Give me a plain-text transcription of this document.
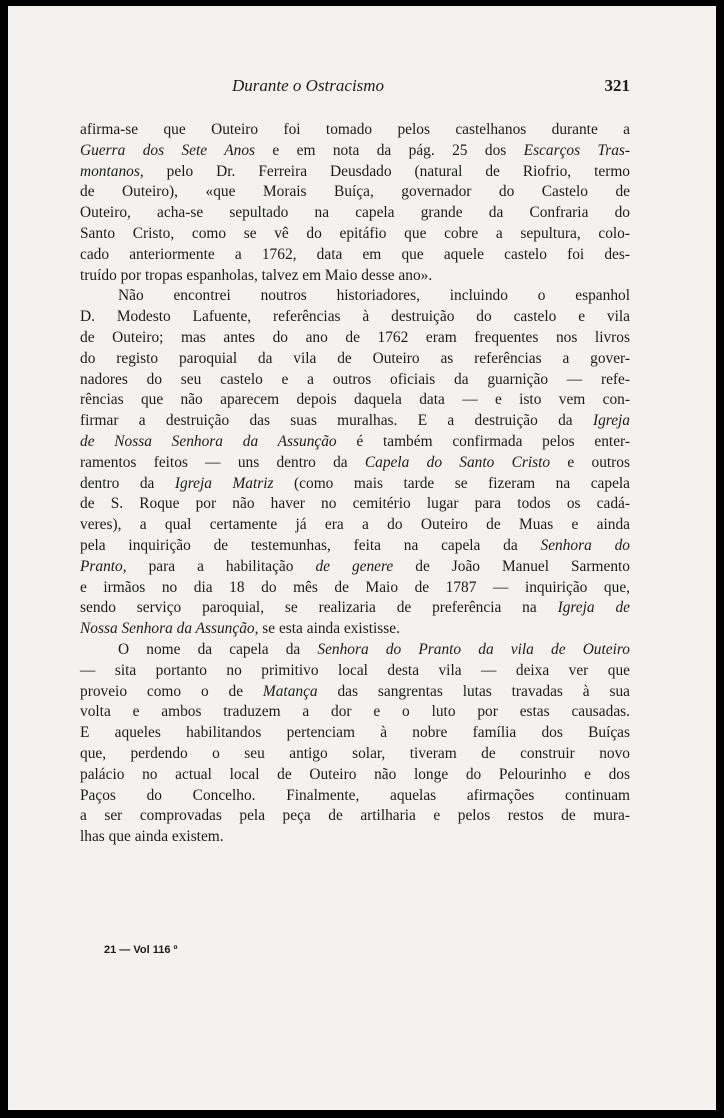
Durante o Ostracismo	321

afirma-se que Outeiro foi tomado pelos castelhanos durante a
Guerra dos Sete Anos e em nota da pág. 25 dos Escarços Tras-
montanos, pelo Dr. Ferreira Deusdado (natural de Riofrio, termo
de Outeiro), «que Morais Buíça, governador do Castelo de
Outeiro, acha-se sepultado na capela grande da Confraria do
Santo Cristo, como se vê do epitáfio que cobre a sepultura, colo-
cado anteriormente a 1762, data em que aquele castelo foi des-
truído por tropas espanholas, talvez em Maio desse ano».

Não encontrei noutros historiadores, incluindo o espanhol
D. Modesto Lafuente, referências à destruição do castelo e vila
de Outeiro; mas antes do ano de 1762 eram frequentes nos livros
do registo paroquial da vila de Outeiro as referências a gover-
nadores do seu castelo e a outros oficiais da guarnição — refe-
rências que não aparecem depois daquela data — e isto vem con-
firmar a destruição das suas muralhas. E a destruição da Igreja
de Nossa Senhora da Assunção é também confirmada pelos enter-
ramentos feitos — uns dentro da Capela do Santo Cristo e outros
dentro da Igreja Matriz (como mais tarde se fizeram na capela
de S. Roque por não haver no cemitério lugar para todos os cadá-
veres), a qual certamente já era a do Outeiro de Muas e ainda
pela inquirição de testemunhas, feita na capela da Senhora do
Pranto, para a habilitação de genere de João Manuel Sarmento
e irmãos no dia 18 do mês de Maio de 1787 — inquirição que,
sendo serviço paroquial, se realizaria de preferência na Igreja de
Nossa Senhora da Assunção, se esta ainda existisse.

O nome da capela da Senhora do Pranto da vila de Outeiro
— sita portanto no primitivo local desta vila — deixa ver que
proveio como o de Matança das sangrentas lutas travadas à sua
volta e ambos traduzem a dor e o luto por estas causadas.
E aqueles habilitandos pertenciam à nobre família dos Buíças
que, perdendo o seu antigo solar, tiveram de construir novo
palácio no actual local de Outeiro não longe do Pelourinho e dos
Paços do Concelho. Finalmente, aquelas afirmações continuam
a ser comprovadas pela peça de artilharia e pelos restos de mura-
lhas que ainda existem.

21 — Vol 116 º
